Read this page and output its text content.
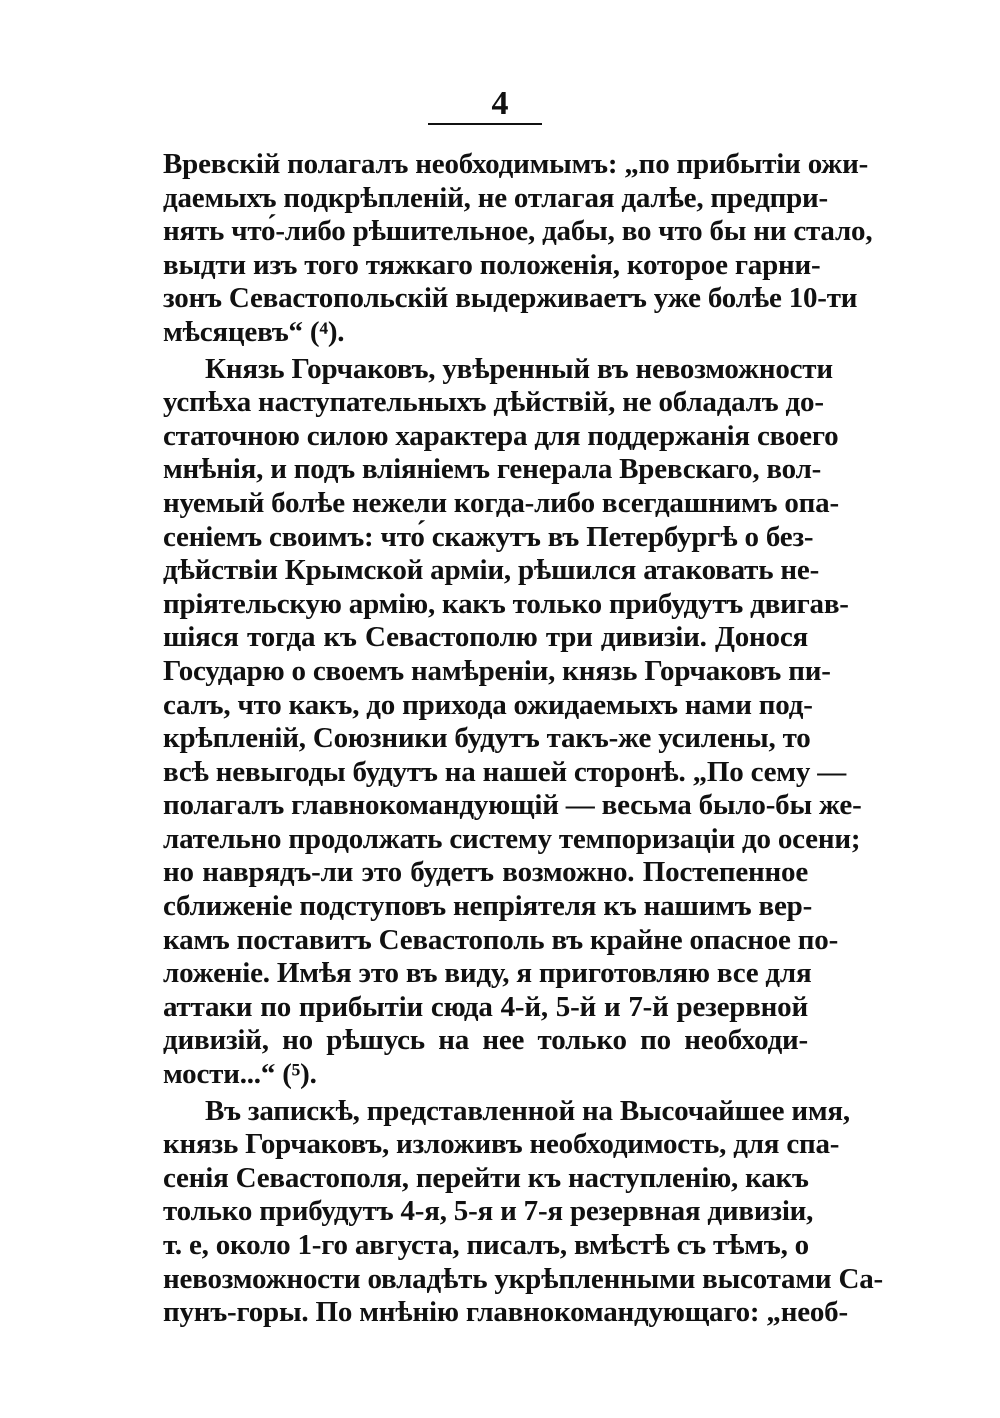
4
Вревскій полагалъ необходимымъ: „по прибытіи ожи-
даемыхъ подкрѣпленій, не отлагая далѣе, предпри-
нять что́-либо рѣшительное, дабы, во что бы ни стало,
выдти изъ того тяжкаго положенія, которое гарни-
зонъ Севастопольскій выдерживаетъ уже болѣе 10-ти
мѣсяцевъ“ (⁴).
Князь Горчаковъ, увѣренный въ невозможности
успѣха наступательныхъ дѣйствій, не обладалъ до-
статочною силою характера для поддержанія своего
мнѣнія, и подъ вліяніемъ генерала Вревскаго, вол-
нуемый болѣе нежели когда-либо всегдашнимъ опа-
сеніемъ своимъ: что́ скажутъ въ Петербургѣ о без-
дѣйствіи Крымской арміи, рѣшился атаковать не-
пріятельскую армію, какъ только прибудутъ двигав-
шіяся тогда къ Севастополю три дивизіи. Донося
Государю о своемъ намѣреніи, князь Горчаковъ пи-
салъ, что какъ, до прихода ожидаемыхъ нами под-
крѣпленій, Союзники будутъ такъ-же усилены, то
всѣ невыгоды будутъ на нашей сторонѣ. „По сему —
полагалъ главнокомандующій — весьма было-бы же-
лательно продолжать систему темпоризаціи до осени;
но наврядъ-ли это будетъ возможно. Постепенное
сближеніе подступовъ непріятеля къ нашимъ вер-
камъ поставитъ Севастополь въ крайне опасное по-
ложеніе. Имѣя это въ виду, я приготовляю все для
аттаки по прибытіи сюда 4-й, 5-й и 7-й резервной
дивизій, но рѣшусь на нее только по необходи-
мости...“ (⁵).
Въ запискѣ, представленной на Высочайшее имя,
князь Горчаковъ, изложивъ необходимость, для спа-
сенія Севастополя, перейти къ наступленію, какъ
только прибудутъ 4-я, 5-я и 7-я резервная дивизіи,
т. е, около 1-го августа, писалъ, вмѣстѣ съ тѣмъ, о
невозможности овладѣть укрѣпленными высотами Са-
пунъ-горы. По мнѣнію главнокомандующаго: „необ-
